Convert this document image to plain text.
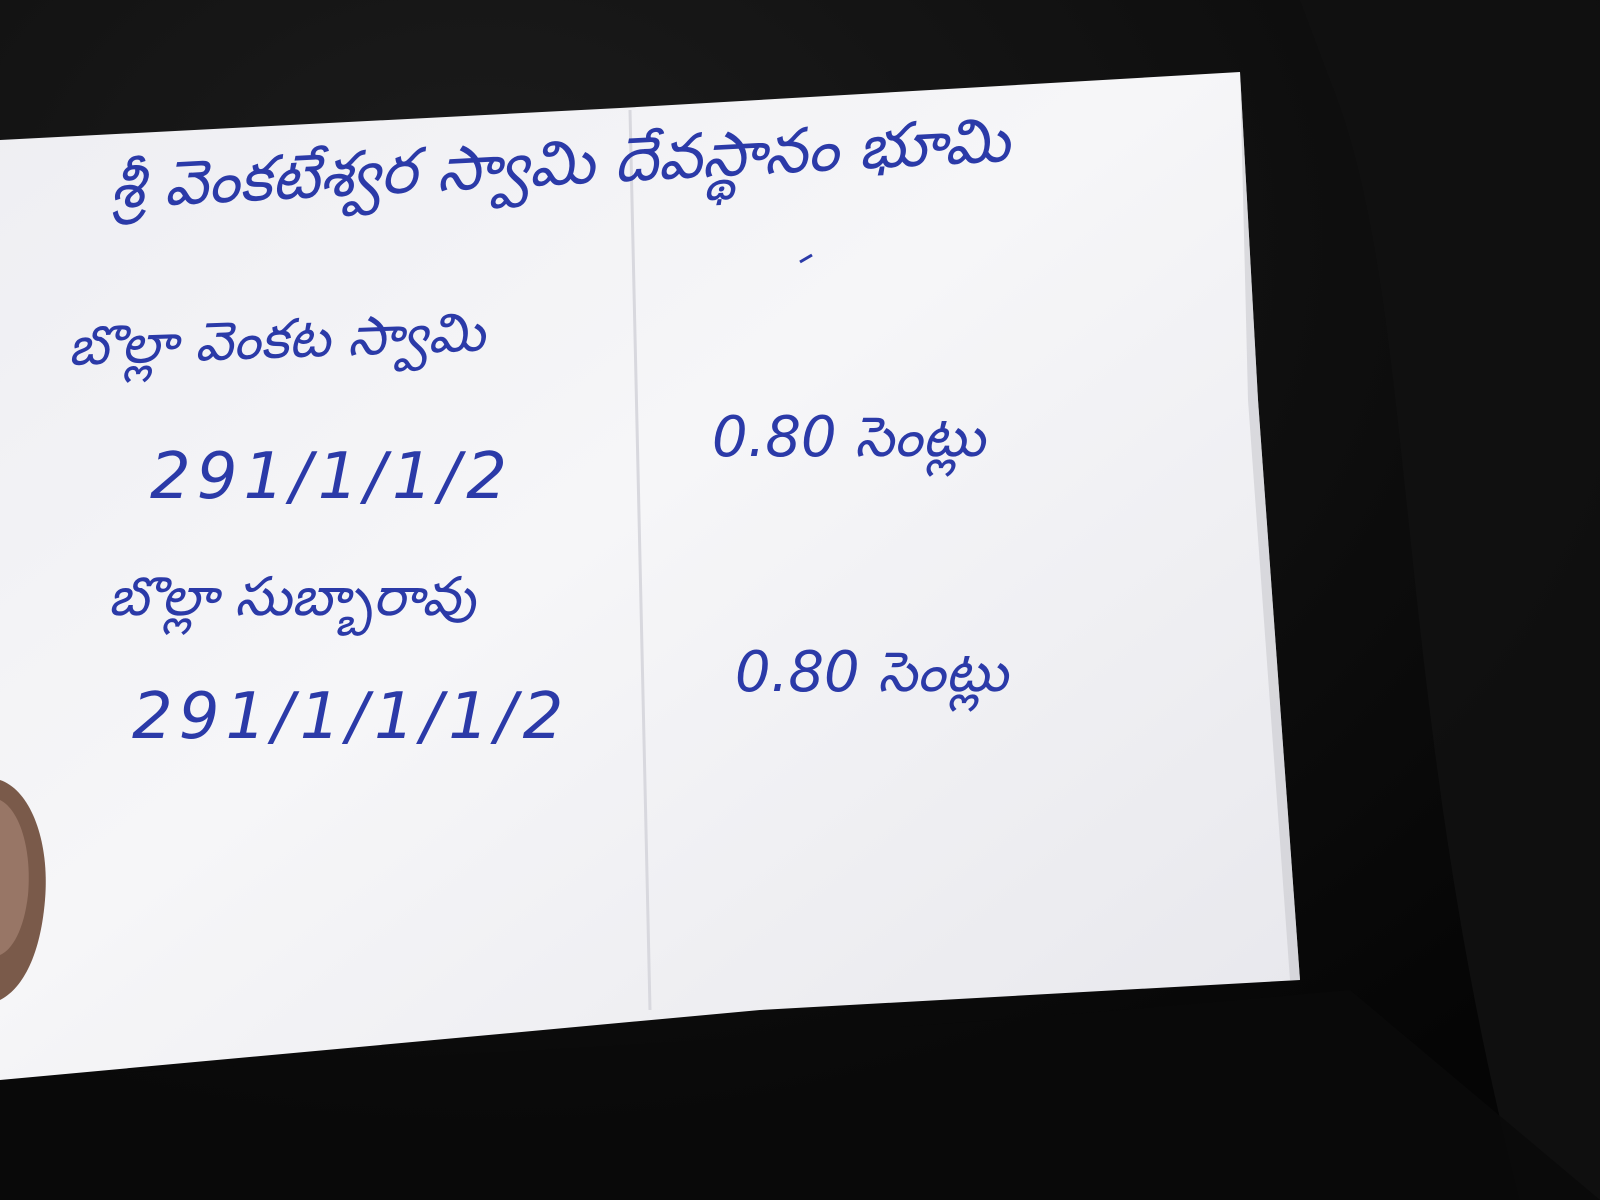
శ్రీ వెంకటేశ్వర స్వామి దేవస్థానం భూమి
బొల్లా వెంకట స్వామి
291/1/1/2
0.80 సెంట్లు
బొల్లా సుబ్బారావు
291/1/1/1/2
0.80 సెంట్లు
